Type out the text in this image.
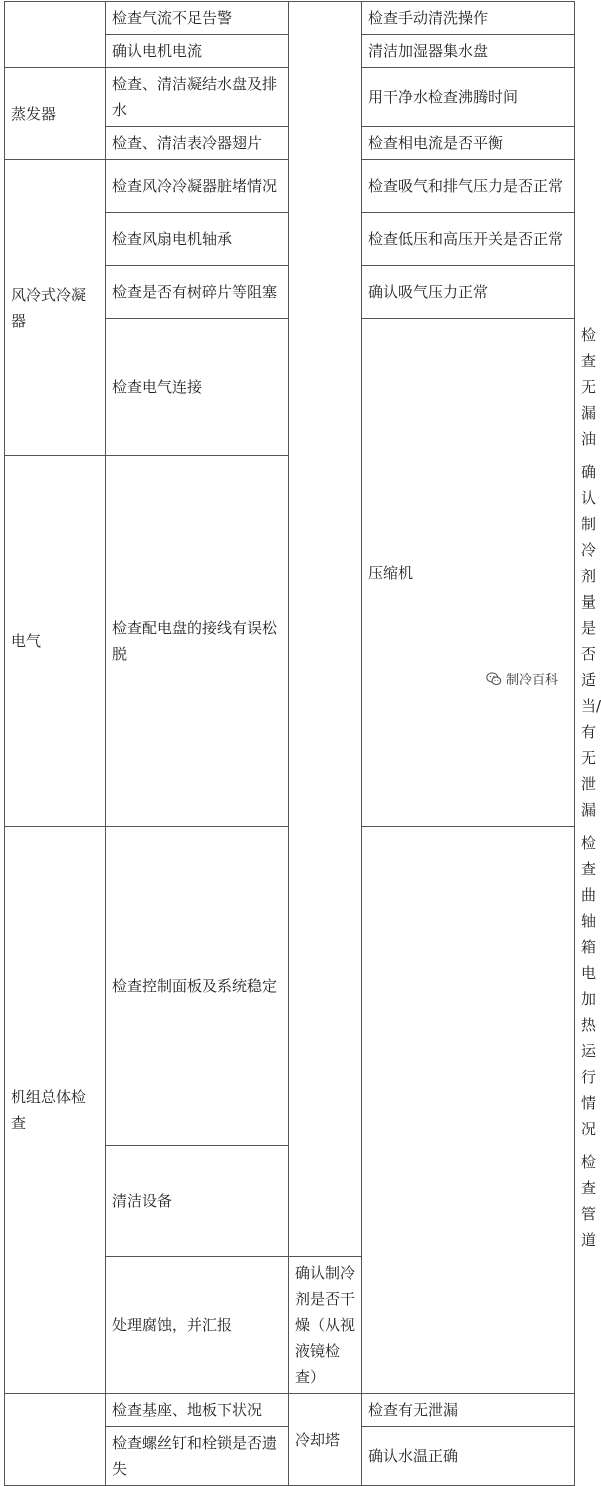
	检查气流不足告警		检查手动清洗操作	
	确认电机电流		清洁加湿器集水盘	
蒸发器	检查、清洁凝结水盘及排水		用干净水检查沸腾时间	
	检查、清洁表冷器翅片		检查相电流是否平衡	
风冷式冷凝器	检查风冷冷凝器脏堵情况		检查吸气和排气压力是否正常	
	检查风扇电机轴承		检查低压和高压开关是否正常	
	检查是否有树碎片等阻塞		确认吸气压力正常	
	检查电气连接		压缩机	检查无漏油
电气	检查配电盘的接线有误松脱			确认制冷剂量是否适当/有无泄漏
机组总体检查	检查控制面板及系统稳定			检查曲轴箱电加热运行情况
	清洁设备			检查管道
	处理腐蚀，并汇报	确认制冷剂是否干燥（从视液镜检查）		
	检查基座、地板下状况	冷却塔	检查有无泄漏	
	检查螺丝钉和栓锁是否遗失		确认水温正确	
制冷百科
